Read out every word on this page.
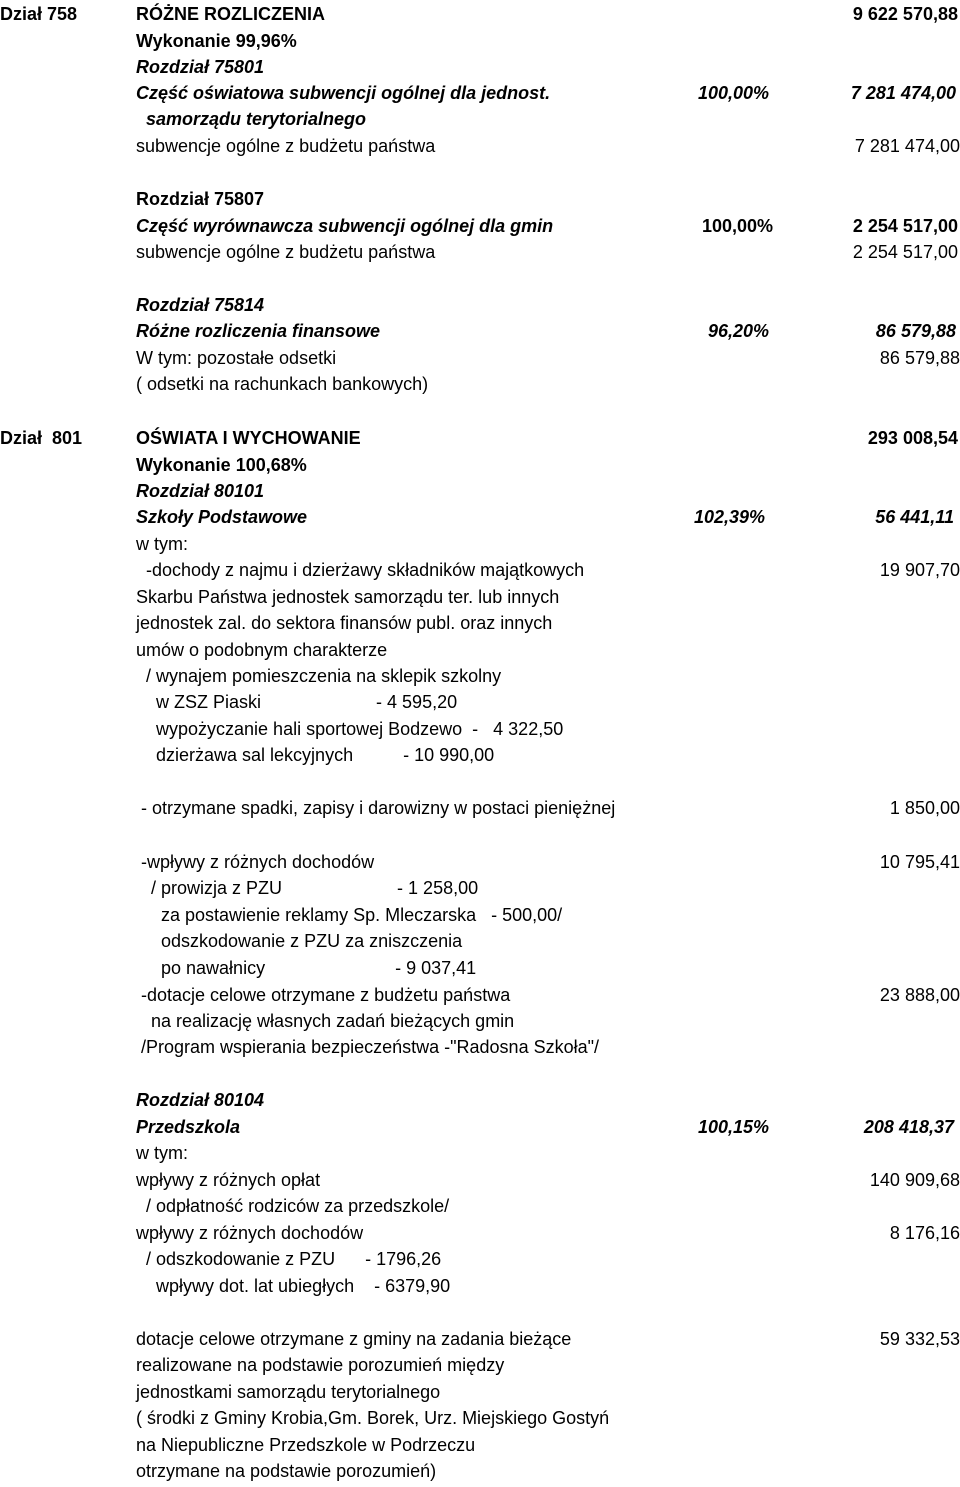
Dział 758	RÓŻNE ROZLICZENIA	9 622 570,88
Wykonanie 99,96%
Rozdział 75801
Część oświatowa subwencji ogólnej dla jednost.	100,00%	7 281 474,00
samorządu terytorialnego
subwencje ogólne z budżetu państwa	7 281 474,00
Rozdział 75807
Część wyrównawcza subwencji ogólnej dla gmin	100,00%	2 254 517,00
subwencje ogólne z budżetu państwa	2 254 517,00
Rozdział 75814
Różne rozliczenia finansowe	96,20%	86 579,88
W tym: pozostałe odsetki	86 579,88
( odsetki na rachunkach bankowych)
Dział  801	OŚWIATA I WYCHOWANIE	293 008,54
Wykonanie 100,68%
Rozdział 80101
Szkoły Podstawowe	102,39%	56 441,11
w tym:
-dochody z najmu i dzierżawy składników majątkowych	19 907,70
Skarbu Państwa jednostek samorządu ter. lub innych
jednostek zal. do sektora finansów publ. oraz innych
umów o podobnym charakterze
/ wynajem pomieszczenia na sklepik szkolny
w ZSZ Piaski                       - 4 595,20
wypożyczanie hali sportowej Bodzewo  -   4 322,50
dzierżawa sal lekcyjnych          - 10 990,00
- otrzymane spadki, zapisy i darowizny w postaci pieniężnej	1 850,00
-wpływy z różnych dochodów	10 795,41
/ prowizja z PZU                       - 1 258,00
za postawienie reklamy Sp. Mleczarska   - 500,00/
odszkodowanie z PZU za zniszczenia
po nawałnicy                          - 9 037,41
-dotacje celowe otrzymane z budżetu państwa	23 888,00
na realizację własnych zadań bieżących gmin
/Program wspierania bezpieczeństwa -"Radosna Szkoła"/
Rozdział 80104
Przedszkola	100,15%	208 418,37
w tym:
wpływy z różnych opłat	140 909,68
/ odpłatność rodziców za przedszkole/
wpływy z różnych dochodów	8 176,16
/ odszkodowanie z PZU      - 1796,26
wpływy dot. lat ubiegłych    - 6379,90
dotacje celowe otrzymane z gminy na zadania bieżące	59 332,53
realizowane na podstawie porozumień między
jednostkami samorządu terytorialnego
( środki z Gminy Krobia,Gm. Borek, Urz. Miejskiego Gostyń
na Niepubliczne Przedszkole w Podrzeczu
otrzymane na podstawie porozumień)
